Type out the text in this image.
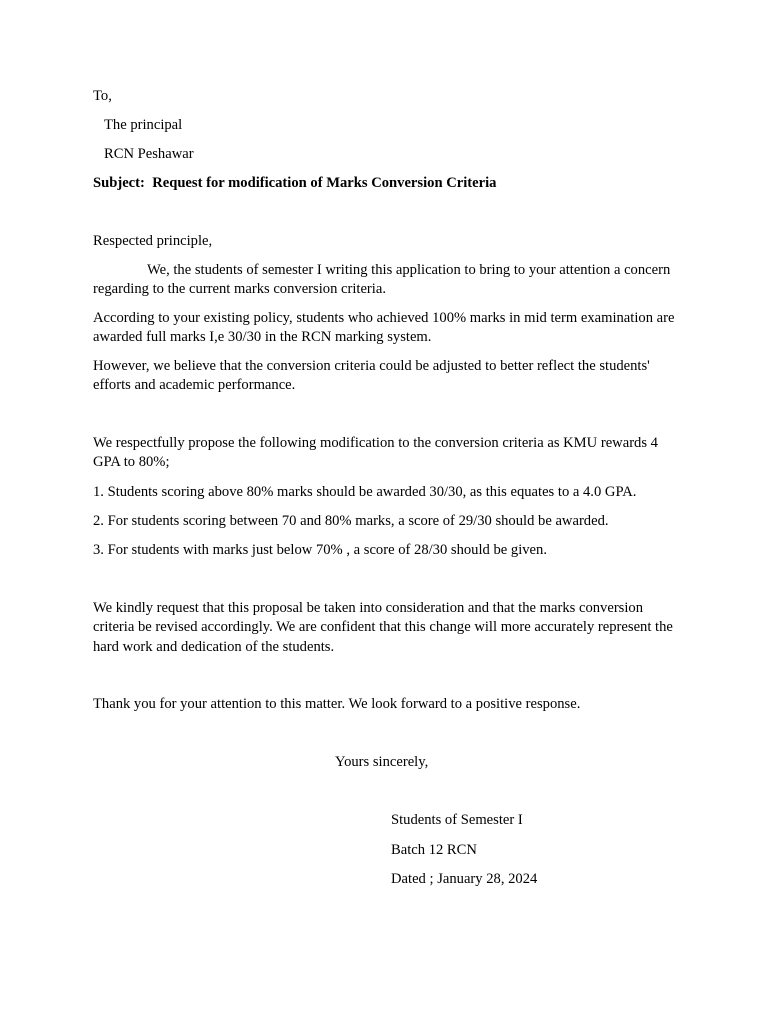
To,
The principal
RCN Peshawar
Subject: Request for modification of Marks Conversion Criteria
Respected principle,

We, the students of semester I writing this application to bring to your attention a concern regarding to the current marks conversion criteria.

According to your existing policy, students who achieved 100% marks in mid term examination are awarded full marks I,e 30/30 in the RCN marking system.

However, we believe that the conversion criteria could be adjusted to better reflect the students' efforts and academic performance.

We respectfully propose the following modification to the conversion criteria as KMU rewards 4 GPA to 80%;

1. Students scoring above 80% marks should be awarded 30/30, as this equates to a 4.0 GPA.
2. For students scoring between 70 and 80% marks, a score of 29/30 should be awarded.
3. For students with marks just below 70% , a score of 28/30 should be given.

We kindly request that this proposal be taken into consideration and that the marks conversion criteria be revised accordingly. We are confident that this change will more accurately represent the hard work and dedication of the students.

Thank you for your attention to this matter. We look forward to a positive response.
Yours sincerely,
Students of Semester I
Batch 12 RCN
Dated ; January 28, 2024
